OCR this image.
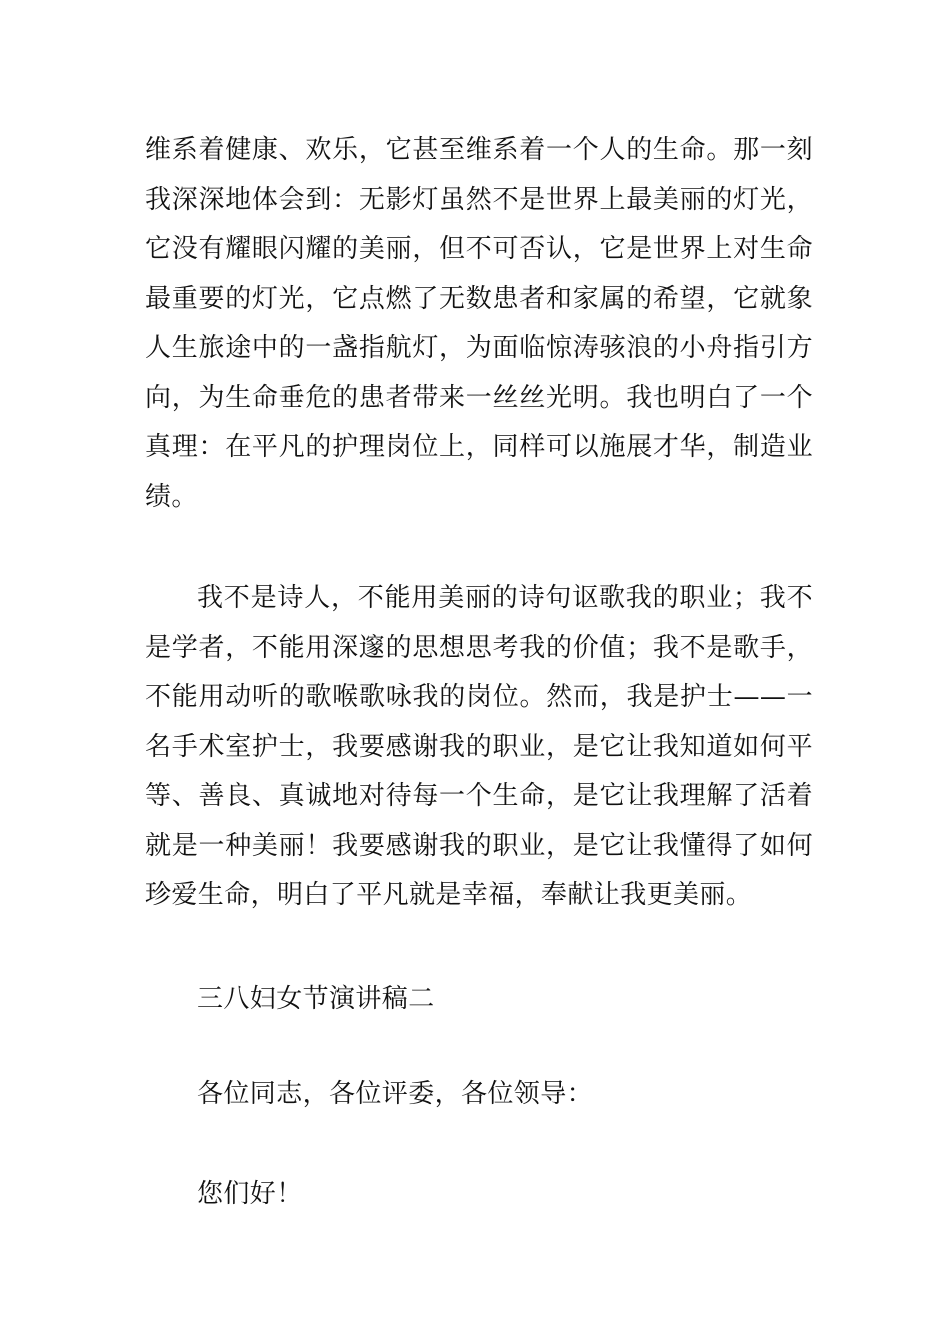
维系着健康、欢乐，它甚至维系着一个人的生命。那一刻我深深地体会到：无影灯虽然不是世界上最美丽的灯光，它没有耀眼闪耀的美丽，但不可否认，它是世界上对生命最重要的灯光，它点燃了无数患者和家属的希望，它就象人生旅途中的一盏指航灯，为面临惊涛骇浪的小舟指引方向，为生命垂危的患者带来一丝丝光明。我也明白了一个真理：在平凡的护理岗位上，同样可以施展才华，制造业绩。

我不是诗人，不能用美丽的诗句讴歌我的职业；我不是学者，不能用深邃的思想思考我的价值；我不是歌手，不能用动听的歌喉歌咏我的岗位。然而，我是护士——一名手术室护士，我要感谢我的职业，是它让我知道如何平等、善良、真诚地对待每一个生命，是它让我理解了活着就是一种美丽！我要感谢我的职业，是它让我懂得了如何珍爱生命，明白了平凡就是幸福，奉献让我更美丽。

三八妇女节演讲稿二

各位同志，各位评委，各位领导：

您们好！
